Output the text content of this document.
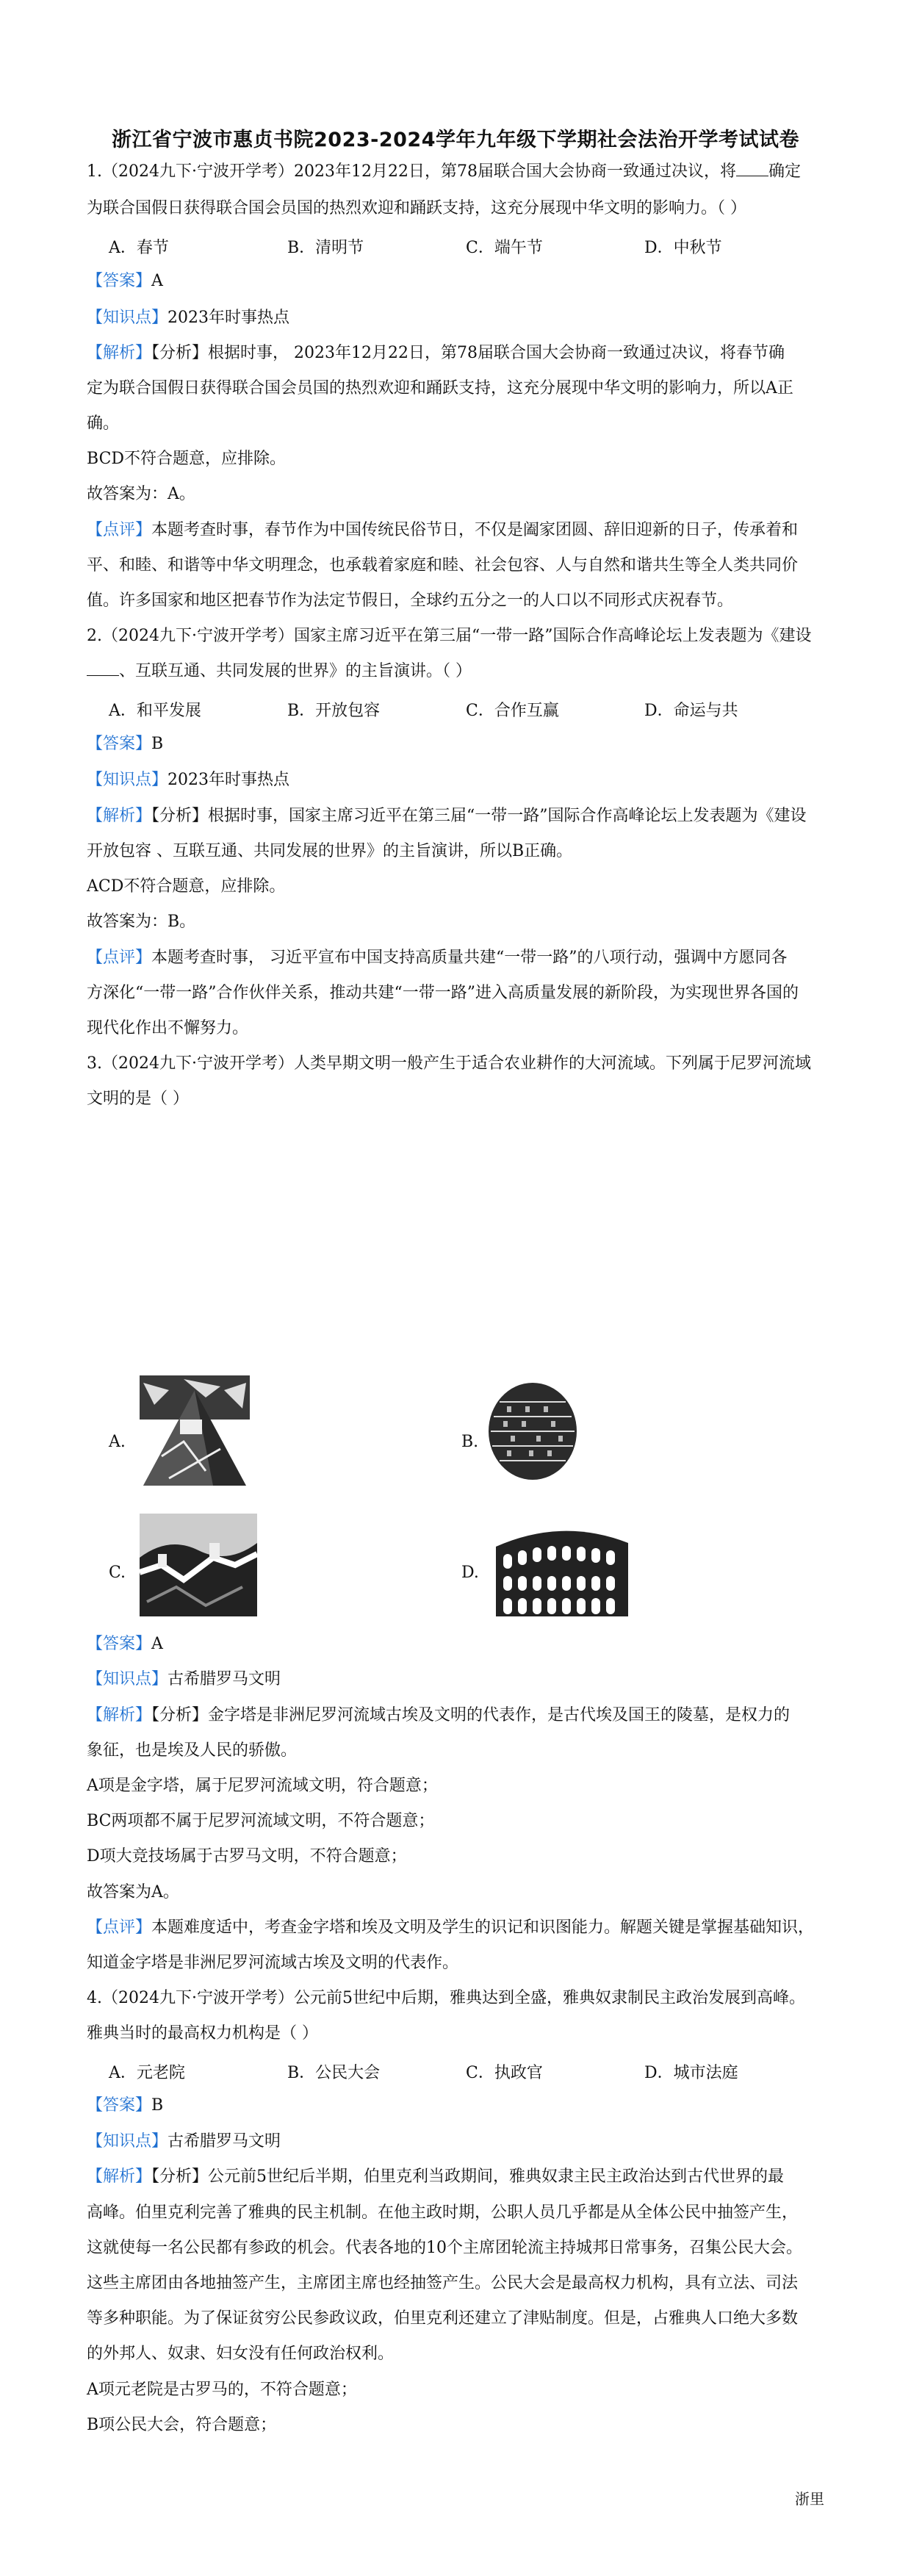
浙江省宁波市惠贞书院2023-2024学年九年级下学期社会法治开学考试试卷
1.（2024九下·宁波开学考）2023年12月22日，第78届联合国大会协商一致通过决议，将 确定
为联合国假日获得联合国会员国的热烈欢迎和踊跃支持，这充分展现中华文明的影响力。（ ）
A．春节	B．清明节	C．端午节	D．中秋节
【答案】A
【知识点】2023年时事热点
【解析】【分析】根据时事， 2023年12月22日，第78届联合国大会协商一致通过决议，将春节确
定为联合国假日获得联合国会员国的热烈欢迎和踊跃支持，这充分展现中华文明的影响力，所以A正
确。
BCD不符合题意，应排除。
故答案为：A。
【点评】本题考查时事，春节作为中国传统民俗节日，不仅是阖家团圆、辞旧迎新的日子，传承着和
平、和睦、和谐等中华文明理念，也承载着家庭和睦、社会包容、人与自然和谐共生等全人类共同价
值。许多国家和地区把春节作为法定节假日，全球约五分之一的人口以不同形式庆祝春节。
2.（2024九下·宁波开学考）国家主席习近平在第三届“一带一路”国际合作高峰论坛上发表题为《建设
、互联互通、共同发展的世界》的主旨演讲。（ ）
A．和平发展	B．开放包容	C．合作互赢	D．命运与共
【答案】B
【知识点】2023年时事热点
【解析】【分析】根据时事，国家主席习近平在第三届“一带一路”国际合作高峰论坛上发表题为《建设
开放包容 、互联互通、共同发展的世界》的主旨演讲，所以B正确。
ACD不符合题意，应排除。
故答案为：B。
【点评】本题考查时事， 习近平宣布中国支持高质量共建“一带一路”的八项行动，强调中方愿同各
方深化“一带一路”合作伙伴关系，推动共建“一带一路”进入高质量发展的新阶段，为实现世界各国的
现代化作出不懈努力。
3.（2024九下·宁波开学考）人类早期文明一般产生于适合农业耕作的大河流域。下列属于尼罗河流域
文明的是（ ）
A.	B.
C.	D.
【答案】A
【知识点】古希腊罗马文明
【解析】【分析】金字塔是非洲尼罗河流域古埃及文明的代表作，是古代埃及国王的陵墓，是权力的
象征，也是埃及人民的骄傲。
A项是金字塔，属于尼罗河流域文明，符合题意；
BC两项都不属于尼罗河流域文明，不符合题意；
D项大竞技场属于古罗马文明，不符合题意；
故答案为A。
【点评】本题难度适中，考查金字塔和埃及文明及学生的识记和识图能力。解题关键是掌握基础知识，
知道金字塔是非洲尼罗河流域古埃及文明的代表作。
4.（2024九下·宁波开学考）公元前5世纪中后期，雅典达到全盛，雅典奴隶制民主政治发展到高峰。
雅典当时的最高权力机构是（ ）
A．元老院	B．公民大会	C．执政官	D．城市法庭
【答案】B
【知识点】古希腊罗马文明
【解析】【分析】公元前5世纪后半期，伯里克利当政期间，雅典奴隶主民主政治达到古代世界的最
高峰。伯里克利完善了雅典的民主机制。在他主政时期，公职人员几乎都是从全体公民中抽签产生，
这就使每一名公民都有参政的机会。代表各地的10个主席团轮流主持城邦日常事务，召集公民大会。
这些主席团由各地抽签产生，主席团主席也经抽签产生。公民大会是最高权力机构，具有立法、司法
等多种职能。为了保证贫穷公民参政议政，伯里克利还建立了津贴制度。但是，占雅典人口绝大多数
的外邦人、奴隶、妇女没有任何政治权利。
A项元老院是古罗马的，不符合题意；
B项公民大会，符合题意；
浙里
